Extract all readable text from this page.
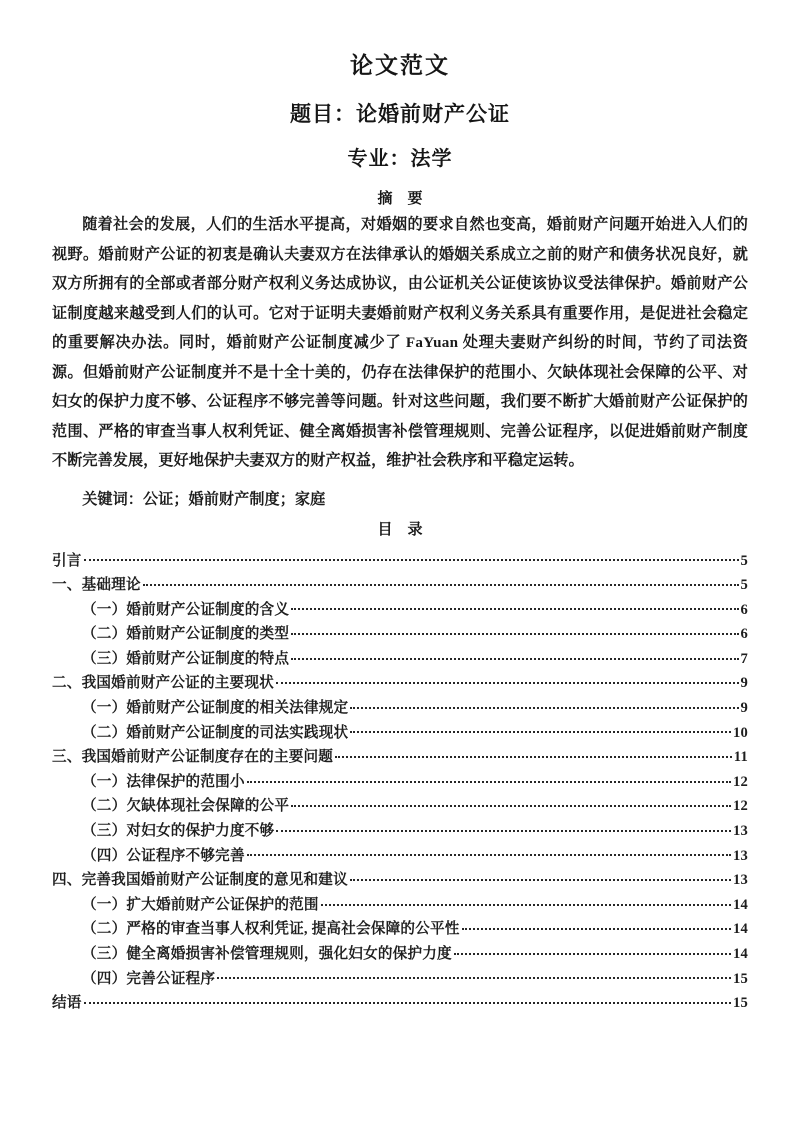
论文范文
题目：论婚前财产公证
专业：法学
摘　要

随着社会的发展，人们的生活水平提高，对婚姻的要求自然也变高，婚前财产问题开始进入人们的视野。婚前财产公证的初衷是确认夫妻双方在法律承认的婚姻关系成立之前的财产和债务状况良好，就双方所拥有的全部或者部分财产权利义务达成协议，由公证机关公证使该协议受法律保护。婚前财产公证制度越来越受到人们的认可。它对于证明夫妻婚前财产权利义务关系具有重要作用，是促进社会稳定的重要解决办法。同时，婚前财产公证制度减少了 FaYuan 处理夫妻财产纠纷的时间，节约了司法资源。但婚前财产公证制度并不是十全十美的，仍存在法律保护的范围小、欠缺体现社会保障的公平、对妇女的保护力度不够、公证程序不够完善等问题。针对这些问题，我们要不断扩大婚前财产公证保护的范围、严格的审查当事人权利凭证、健全离婚损害补偿管理规则、完善公证程序，以促进婚前财产制度不断完善发展，更好地保护夫妻双方的财产权益，维护社会秩序和平稳定运转。

关键词：公证；婚前财产制度；家庭

目　录
引言	5
一、基础理论	5
（一）婚前财产公证制度的含义	6
（二）婚前财产公证制度的类型	6
（三）婚前财产公证制度的特点	7
二、我国婚前财产公证的主要现状	9
（一）婚前财产公证制度的相关法律规定	9
（二）婚前财产公证制度的司法实践现状	10
三、我国婚前财产公证制度存在的主要问题	11
（一）法律保护的范围小	12
（二）欠缺体现社会保障的公平	12
（三）对妇女的保护力度不够	13
（四）公证程序不够完善	13
四、完善我国婚前财产公证制度的意见和建议	13
（一）扩大婚前财产公证保护的范围	14
（二）严格的审查当事人权利凭证, 提高社会保障的公平性	14
（三）健全离婚损害补偿管理规则，强化妇女的保护力度	14
（四）完善公证程序	15
结语	15
